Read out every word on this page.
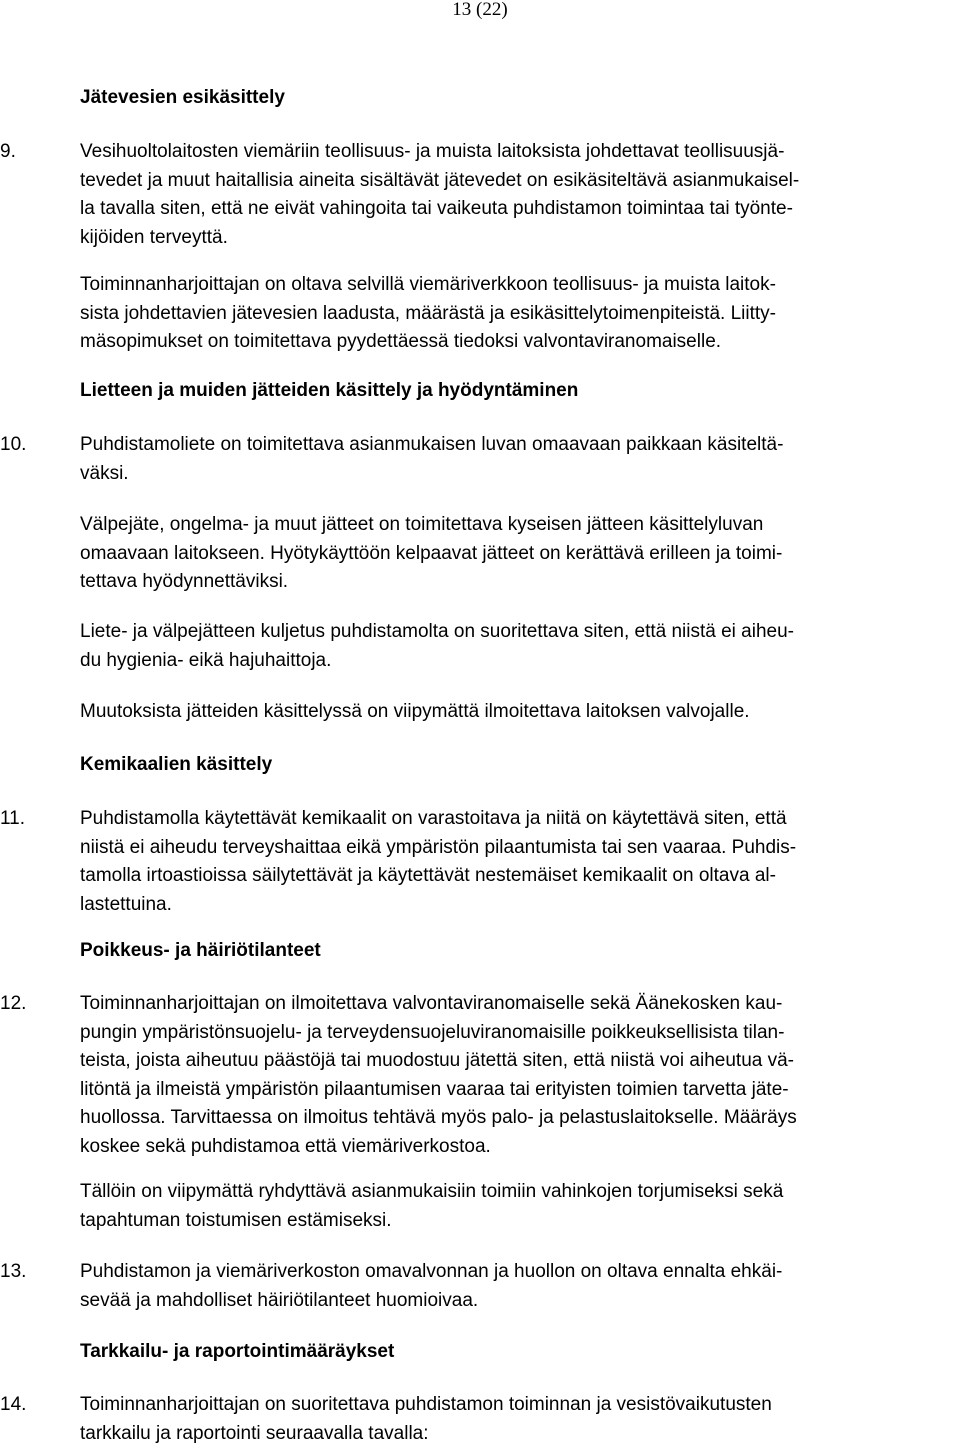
13 (22)
Jätevesien esikäsittely
9.	Vesihuoltolaitosten viemäriin teollisuus- ja muista laitoksista johdettavat teollisuusjä-
tevedet ja muut haitallisia aineita sisältävät jätevedet on esikäsiteltävä asianmukaisel-
la tavalla siten, että ne eivät vahingoita tai vaikeuta puhdistamon toimintaa tai työnte-
kijöiden terveyttä.
Toiminnanharjoittajan on oltava selvillä viemäriverkkoon teollisuus- ja muista laitok-
sista johdettavien jätevesien laadusta, määrästä ja esikäsittelytoimenpiteistä. Liitty-
mäsopimukset on toimitettava pyydettäessä tiedoksi valvontaviranomaiselle.
Lietteen ja muiden jätteiden käsittely ja hyödyntäminen
10.	Puhdistamoliete on toimitettava asianmukaisen luvan omaavaan paikkaan käsiteltä-
väksi.
Välpejäte, ongelma- ja muut jätteet on toimitettava kyseisen jätteen käsittelyluvan
omaavaan laitokseen. Hyötykäyttöön kelpaavat jätteet on kerättävä erilleen ja toimi-
tettava hyödynnettäviksi.
Liete- ja välpejätteen kuljetus puhdistamolta on suoritettava siten, että niistä ei aiheu-
du hygienia- eikä hajuhaittoja.
Muutoksista jätteiden käsittelyssä on viipymättä ilmoitettava laitoksen valvojalle.
Kemikaalien käsittely
11.	Puhdistamolla käytettävät kemikaalit on varastoitava ja niitä on käytettävä siten, että
niistä ei aiheudu terveyshaittaa eikä ympäristön pilaantumista tai sen vaaraa. Puhdis-
tamolla irtoastioissa säilytettävät ja käytettävät nestemäiset kemikaalit on oltava al-
lastettuina.
Poikkeus- ja häiriötilanteet
12.	Toiminnanharjoittajan on ilmoitettava valvontaviranomaiselle sekä Äänekosken kau-
pungin ympäristönsuojelu- ja terveydensuojeluviranomaisille poikkeuksellisista tilan-
teista, joista aiheutuu päästöjä tai muodostuu jätettä siten, että niistä voi aiheutua vä-
litöntä ja ilmeistä ympäristön pilaantumisen vaaraa tai erityisten toimien tarvetta jäte-
huollossa. Tarvittaessa on ilmoitus tehtävä myös palo- ja pelastuslaitokselle. Määräys
koskee sekä puhdistamoa että viemäriverkostoa.
Tällöin on viipymättä ryhdyttävä asianmukaisiin toimiin vahinkojen torjumiseksi sekä
tapahtuman toistumisen estämiseksi.
13.	Puhdistamon ja viemäriverkoston omavalvonnan ja huollon on oltava ennalta ehkäi-
sevää ja mahdolliset häiriötilanteet huomioivaa.
Tarkkailu- ja raportointimääräykset
14.	Toiminnanharjoittajan on suoritettava puhdistamon toiminnan ja vesistövaikutusten
tarkkailu ja raportointi seuraavalla tavalla:
